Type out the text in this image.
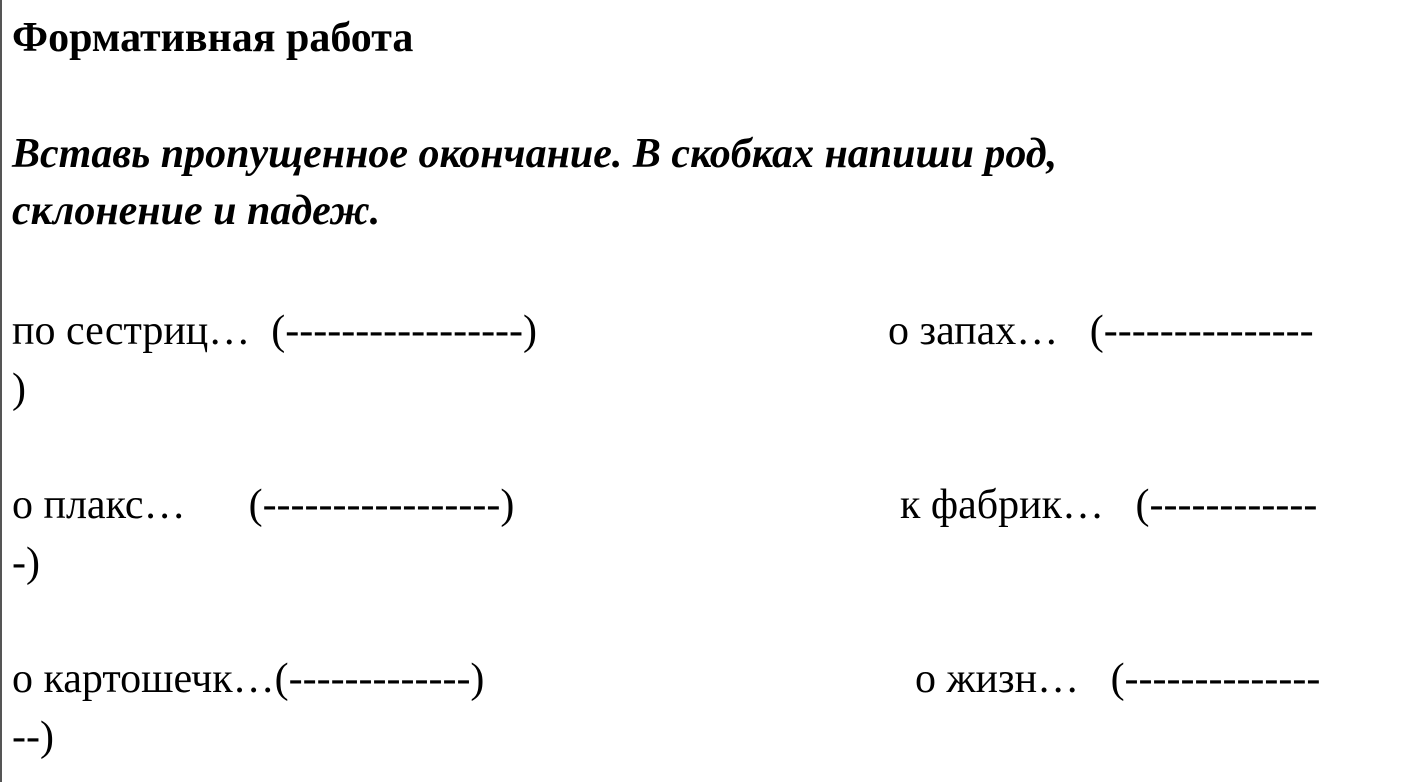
Формативная работа
Вставь пропущенное окончание. В скобках напиши род,
склонение и падеж.
по сестриц…  (-----------------)	о запах…   (---------------
)
о плакс…      (-----------------)	к фабрик…   (------------
-)
о картошечк…(-------------)	о жизн…   (--------------
--)
